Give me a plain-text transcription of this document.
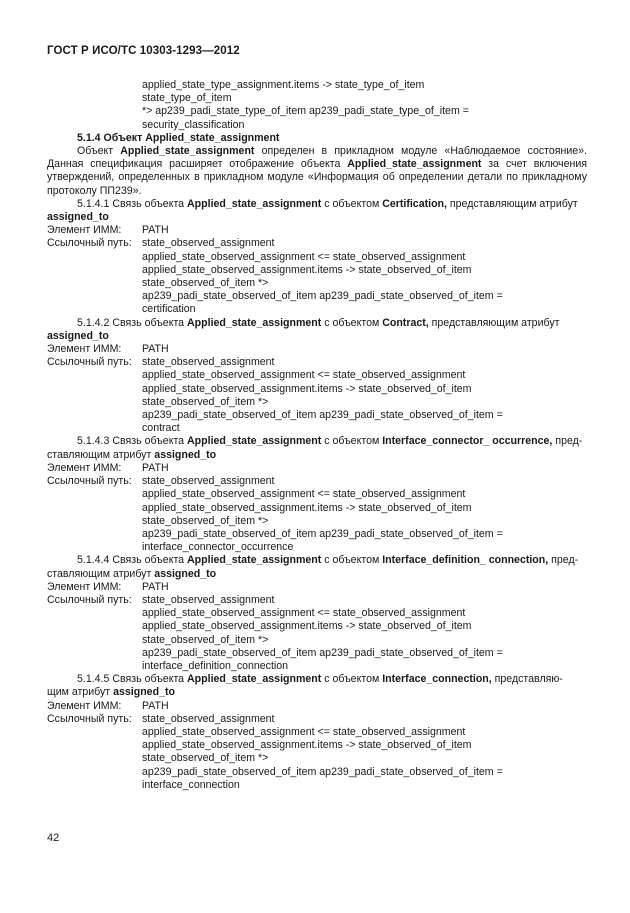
ГОСТ Р ИСО/ТС 10303-1293—2012
applied_state_type_assignment.items -> state_type_of_item
state_type_of_item
*> ap239_padi_state_type_of_item ap239_padi_state_type_of_item =
security_classification
5.1.4 Объект Applied_state_assignment
Объект Applied_state_assignment определен в прикладном модуле «Наблюдаемое состояние». Данная спецификация расширяет отображение объекта Applied_state_assignment за счет включения утверждений, определенных в прикладном модуле «Информация об определении детали по прикладному протоколу ПП239».
5.1.4.1 Связь объекта Applied_state_assignment с объектом Certification, представляющим атрибут
assigned_to
Элемент ИММ:	PATH
Ссылочный путь: state_observed_assignment
applied_state_observed_assignment <= state_observed_assignment
applied_state_observed_assignment.items -> state_observed_of_item
state_observed_of_item *>
ap239_padi_state_observed_of_item ap239_padi_state_observed_of_item =
certification
5.1.4.2 Связь объекта Applied_state_assignment с объектом Contract, представляющим атрибут
assigned_to
Элемент ИММ:	PATH
Ссылочный путь: state_observed_assignment
applied_state_observed_assignment <= state_observed_assignment
applied_state_observed_assignment.items -> state_observed_of_item
state_observed_of_item *>
ap239_padi_state_observed_of_item ap239_padi_state_observed_of_item =
contract
5.1.4.3 Связь объекта Applied_state_assignment с объектом Interface_connector_ occurrence, пред-
ставляющим атрибут assigned_to
Элемент ИММ:	PATH
Ссылочный путь: state_observed_assignment
applied_state_observed_assignment <= state_observed_assignment
applied_state_observed_assignment.items -> state_observed_of_item
state_observed_of_item *>
ap239_padi_state_observed_of_item ap239_padi_state_observed_of_item =
interface_connector_occurrence
5.1.4.4 Связь объекта Applied_state_assignment с объектом Interface_definition_ connection, пред-
ставляющим атрибут assigned_to
Элемент ИММ:	PATH
Ссылочный путь: state_observed_assignment
applied_state_observed_assignment <= state_observed_assignment
applied_state_observed_assignment.items -> state_observed_of_item
state_observed_of_item *>
ap239_padi_state_observed_of_item ap239_padi_state_observed_of_item =
interface_definition_connection
5.1.4.5 Связь объекта Applied_state_assignment с объектом Interface_connection, представляю-
щим атрибут assigned_to
Элемент ИММ:	PATH
Ссылочный путь: state_observed_assignment
applied_state_observed_assignment <= state_observed_assignment
applied_state_observed_assignment.items -> state_observed_of_item
state_observed_of_item *>
ap239_padi_state_observed_of_item ap239_padi_state_observed_of_item =
interface_connection
42
